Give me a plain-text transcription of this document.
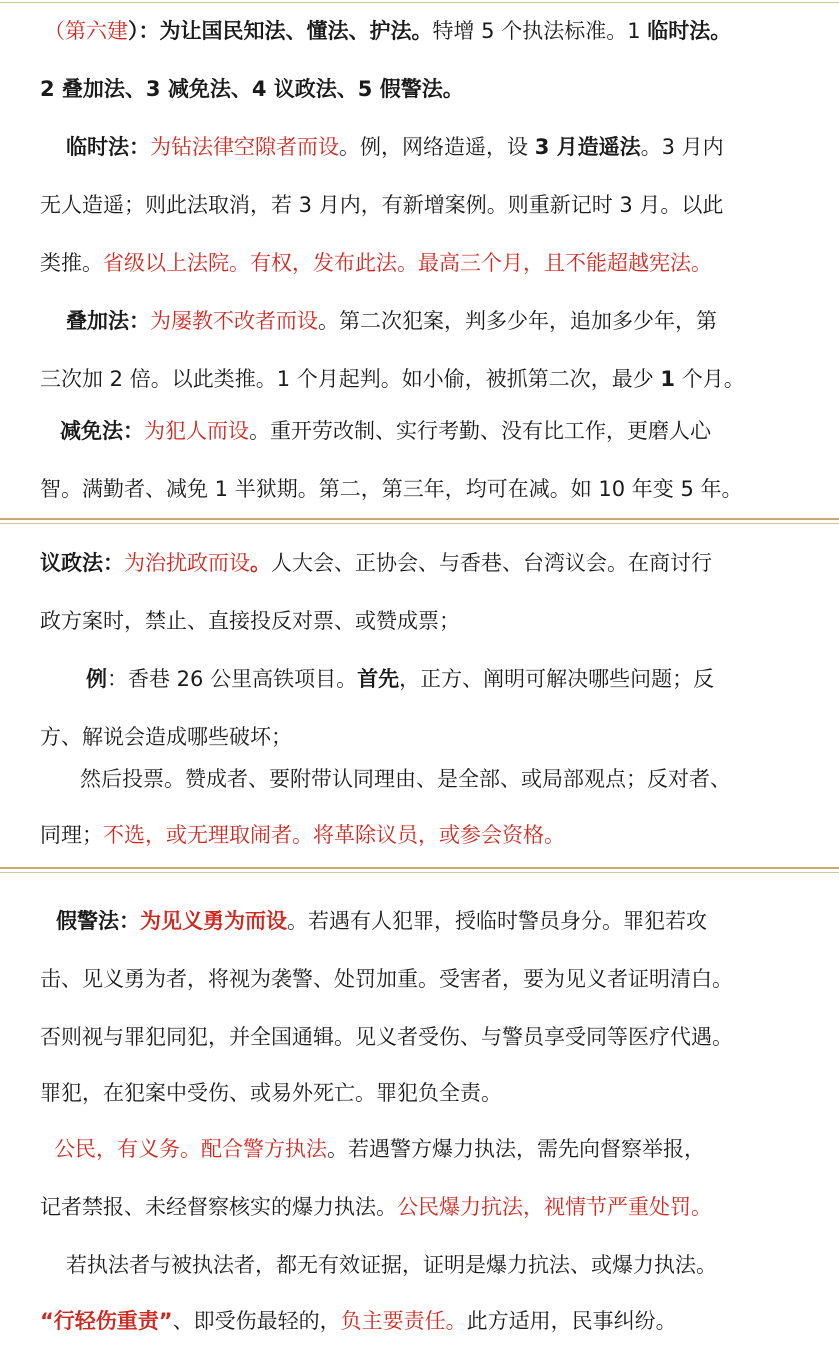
（第六建）：为让国民知法、懂法、护法。特增 5 个执法标准。1 临时法。
2 叠加法、3 减免法、4 议政法、5 假警法。
临时法：为钻法律空隙者而设。例，网络造遥，设 3 月造遥法。3 月内
无人造遥；则此法取消，若 3 月内，有新增案例。则重新记时 3 月。以此
类推。省级以上法院。有权，发布此法。最高三个月，且不能超越宪法。
叠加法：为屡教不改者而设。第二次犯案，判多少年，追加多少年，第
三次加 2 倍。以此类推。1 个月起判。如小偷，被抓第二次，最少 1 个月。
减免法：为犯人而设。重开劳改制、实行考勤、没有比工作，更磨人心
智。满勤者、减免 1 半狱期。第二，第三年，均可在减。如 10 年变 5 年。
议政法：为治扰政而设。人大会、正协会、与香巷、台湾议会。在商讨行
政方案时，禁止、直接投反对票、或赞成票；
例：香巷 26 公里高铁项目。首先，正方、阐明可解决哪些问题；反
方、解说会造成哪些破坏；
然后投票。赞成者、要附带认同理由、是全部、或局部观点；反对者、
同理；不选，或无理取闹者。将革除议员，或参会资格。
假警法：为见义勇为而设。若遇有人犯罪，授临时警员身分。罪犯若攻
击、见义勇为者，将视为袭警、处罚加重。受害者，要为见义者证明清白。
否则视与罪犯同犯，并全国通辑。见义者受伤、与警员享受同等医疗代遇。
罪犯，在犯案中受伤、或易外死亡。罪犯负全责。
公民，有义务。配合警方执法。若遇警方爆力执法，需先向督察举报，
记者禁报、未经督察核实的爆力执法。公民爆力抗法，视情节严重处罚。
若执法者与被执法者，都无有效证据，证明是爆力抗法、或爆力执法。
“行轻伤重责”、即受伤最轻的，负主要责任。此方适用，民事纠纷。
